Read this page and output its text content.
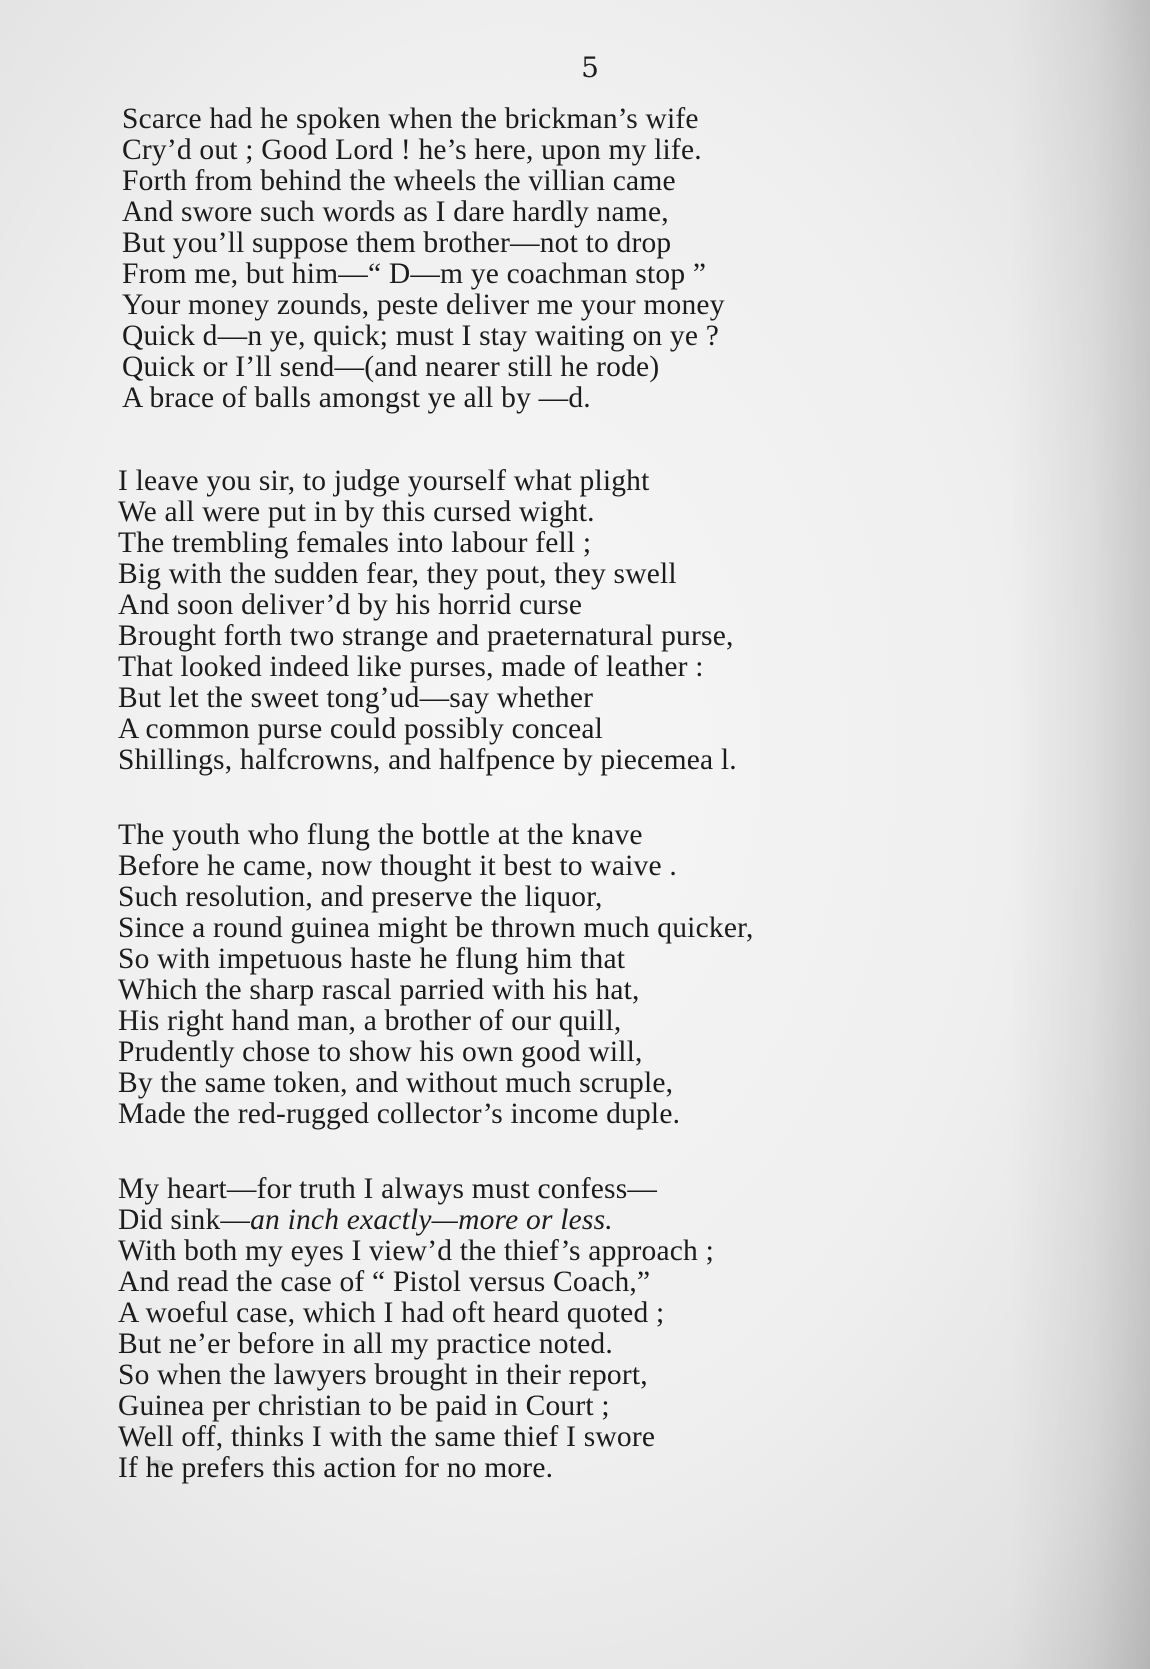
5
Scarce had he spoken when the brickman’s wife
Cry’d out ; Good Lord ! he’s here, upon my life.
Forth from behind the wheels the villian came
And swore such words as I dare hardly name,
But you’ll suppose them brother—not to drop
From me, but him—“ D—m ye coachman stop ”
Your money zounds, peste deliver me your money
Quick d—n ye, quick; must I stay waiting on ye ?
Quick or I’ll send—(and nearer still he rode)
A brace of balls amongst ye all by —d.
I leave you sir, to judge yourself what plight
We all were put in by this cursed wight.
The trembling females into labour fell ;
Big with the sudden fear, they pout, they swell
And soon deliver’d by his horrid curse
Brought forth two strange and praeternatural purse,
That looked indeed like purses, made of leather :
But let the sweet tong’ud—say whether
A common purse could possibly conceal
Shillings, halfcrowns, and halfpence by piecemea l.
The youth who flung the bottle at the knave
Before he came, now thought it best to waive .
Such resolution, and preserve the liquor,
Since a round guinea might be thrown much quicker,
So with impetuous haste he flung him that
Which the sharp rascal parried with his hat,
His right hand man, a brother of our quill,
Prudently chose to show his own good will,
By the same token, and without much scruple,
Made the red-rugged collector’s income duple.
My heart—for truth I always must confess—
Did sink—an inch exactly—more or less.
With both my eyes I view’d the thief’s approach ;
And read the case of “ Pistol versus Coach,”
A woeful case, which I had oft heard quoted ;
But ne’er before in all my practice noted.
So when the lawyers brought in their report,
Guinea per christian to be paid in Court ;
Well off, thinks I with the same thief I swore
If he prefers this action for no more.
